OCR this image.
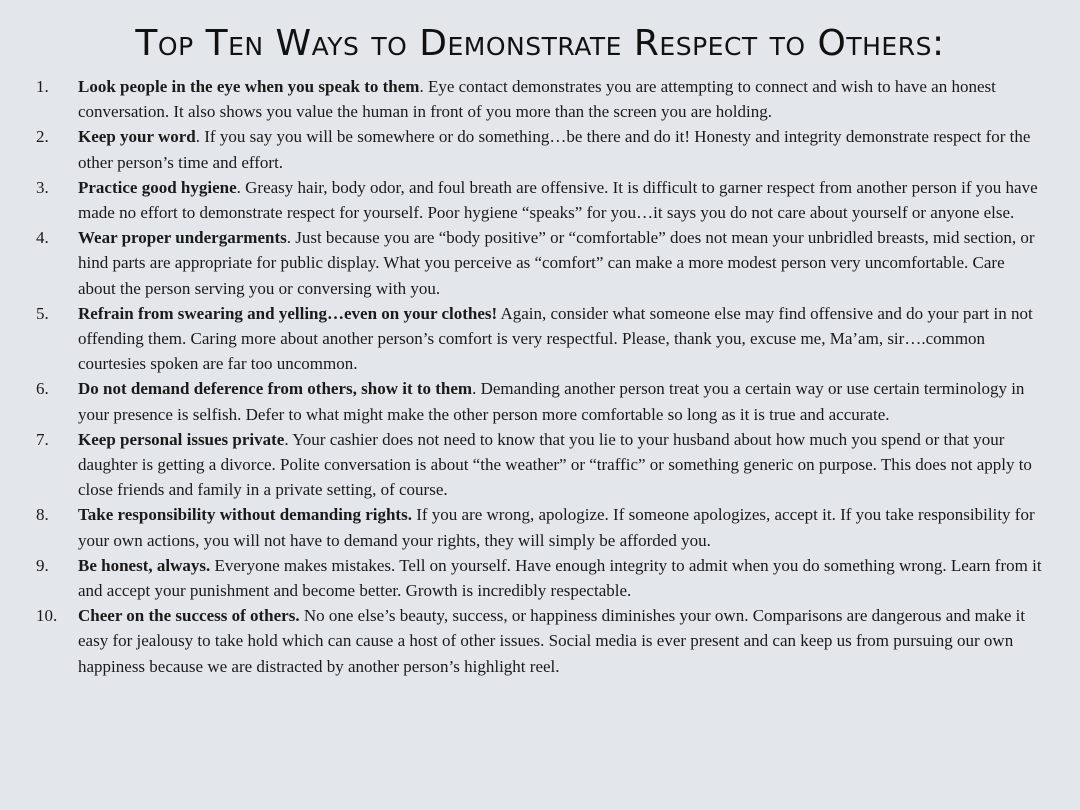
Top Ten Ways to Demonstrate Respect to Others:
1.	Look people in the eye when you speak to them. Eye contact demonstrates you are attempting to connect and wish to have an honest conversation. It also shows you value the human in front of you more than the screen you are holding.
2.	Keep your word. If you say you will be somewhere or do something…be there and do it! Honesty and integrity demonstrate respect for the other person’s time and effort.
3.	Practice good hygiene. Greasy hair, body odor, and foul breath are offensive. It is difficult to garner respect from another person if you have made no effort to demonstrate respect for yourself. Poor hygiene “speaks” for you…it says you do not care about yourself or anyone else.
4.	Wear proper undergarments. Just because you are “body positive” or “comfortable” does not mean your unbridled breasts, mid section, or hind parts are appropriate for public display. What you perceive as “comfort” can make a more modest person very uncomfortable. Care about the person serving you or conversing with you.
5.	Refrain from swearing and yelling…even on your clothes! Again, consider what someone else may find offensive and do your part in not offending them. Caring more about another person’s comfort is very respectful. Please, thank you, excuse me, Ma’am, sir….common courtesies spoken are far too uncommon.
6.	Do not demand deference from others, show it to them. Demanding another person treat you a certain way or use certain terminology in your presence is selfish. Defer to what might make the other person more comfortable so long as it is true and accurate.
7.	Keep personal issues private. Your cashier does not need to know that you lie to your husband about how much you spend or that your daughter is getting a divorce. Polite conversation is about “the weather” or “traffic” or something generic on purpose. This does not apply to close friends and family in a private setting, of course.
8.	Take responsibility without demanding rights. If you are wrong, apologize. If someone apologizes, accept it. If you take responsibility for your own actions, you will not have to demand your rights, they will simply be afforded you.
9.	Be honest, always. Everyone makes mistakes. Tell on yourself. Have enough integrity to admit when you do something wrong. Learn from it and accept your punishment and become better. Growth is incredibly respectable.
10.	Cheer on the success of others. No one else’s beauty, success, or happiness diminishes your own. Comparisons are dangerous and make it easy for jealousy to take hold which can cause a host of other issues. Social media is ever present and can keep us from pursuing our own happiness because we are distracted by another person’s highlight reel.
